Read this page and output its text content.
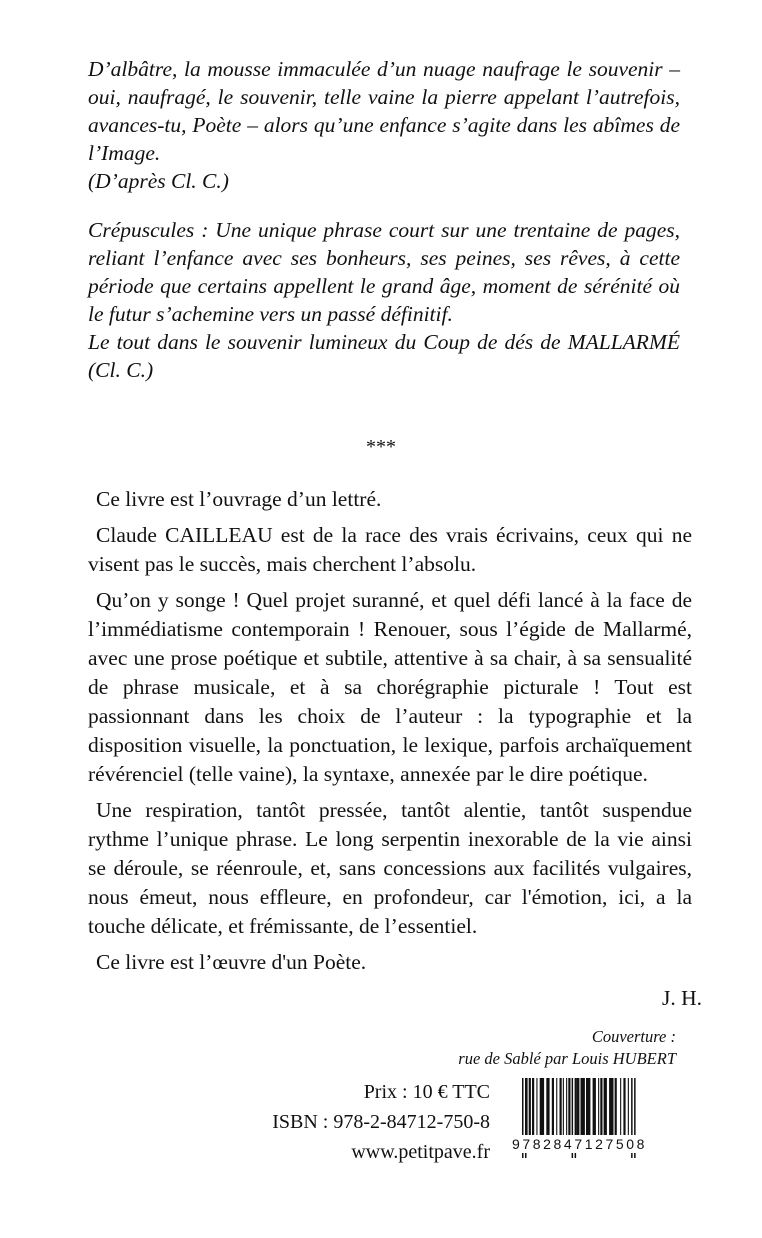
D’albâtre, la mousse immaculée d’un nuage naufrage le souvenir – oui, naufragé, le souvenir, telle vaine la pierre appelant l’autrefois, avances-tu, Poète – alors qu’une enfance s’agite dans les abîmes de l’Image.

(D’après Cl. C.)

Crépuscules : Une unique phrase court sur une trentaine de pages, reliant l’enfance avec ses bonheurs, ses peines, ses rêves, à cette période que certains appellent le grand âge, moment de sérénité où le futur s’achemine vers un passé définitif.

Le tout dans le souvenir lumineux du Coup de dés de MALLARMÉ (Cl. C.)

***

Ce livre est l’ouvrage d’un lettré.

Claude CAILLEAU est de la race des vrais écrivains, ceux qui ne visent pas le succès, mais cherchent l’absolu.

Qu’on y songe ! Quel projet suranné, et quel défi lancé à la face de l’immédiatisme contemporain ! Renouer, sous l’égide de Mallarmé, avec une prose poétique et subtile, attentive à sa chair, à sa sensualité de phrase musicale, et à sa chorégraphie picturale ! Tout est passionnant dans les choix de l’auteur : la typographie et la disposition visuelle, la ponctuation, le lexique, parfois archaïquement révérenciel (telle vaine), la syntaxe, annexée par le dire poétique.

Une respiration, tantôt pressée, tantôt alentie, tantôt suspendue rythme l’unique phrase. Le long serpentin inexorable de la vie ainsi se déroule, se réenroule, et, sans concessions aux facilités vulgaires, nous émeut, nous effleure, en profondeur, car l'émotion, ici, a la touche délicate, et frémissante, de l’essentiel.

Ce livre est l’œuvre d'un Poète.

J. H.
Couverture :
rue de Sablé par Louis HUBERT
Prix : 10 € TTC
ISBN : 978-2-84712-750-8
www.petitpave.fr 9782847127508
